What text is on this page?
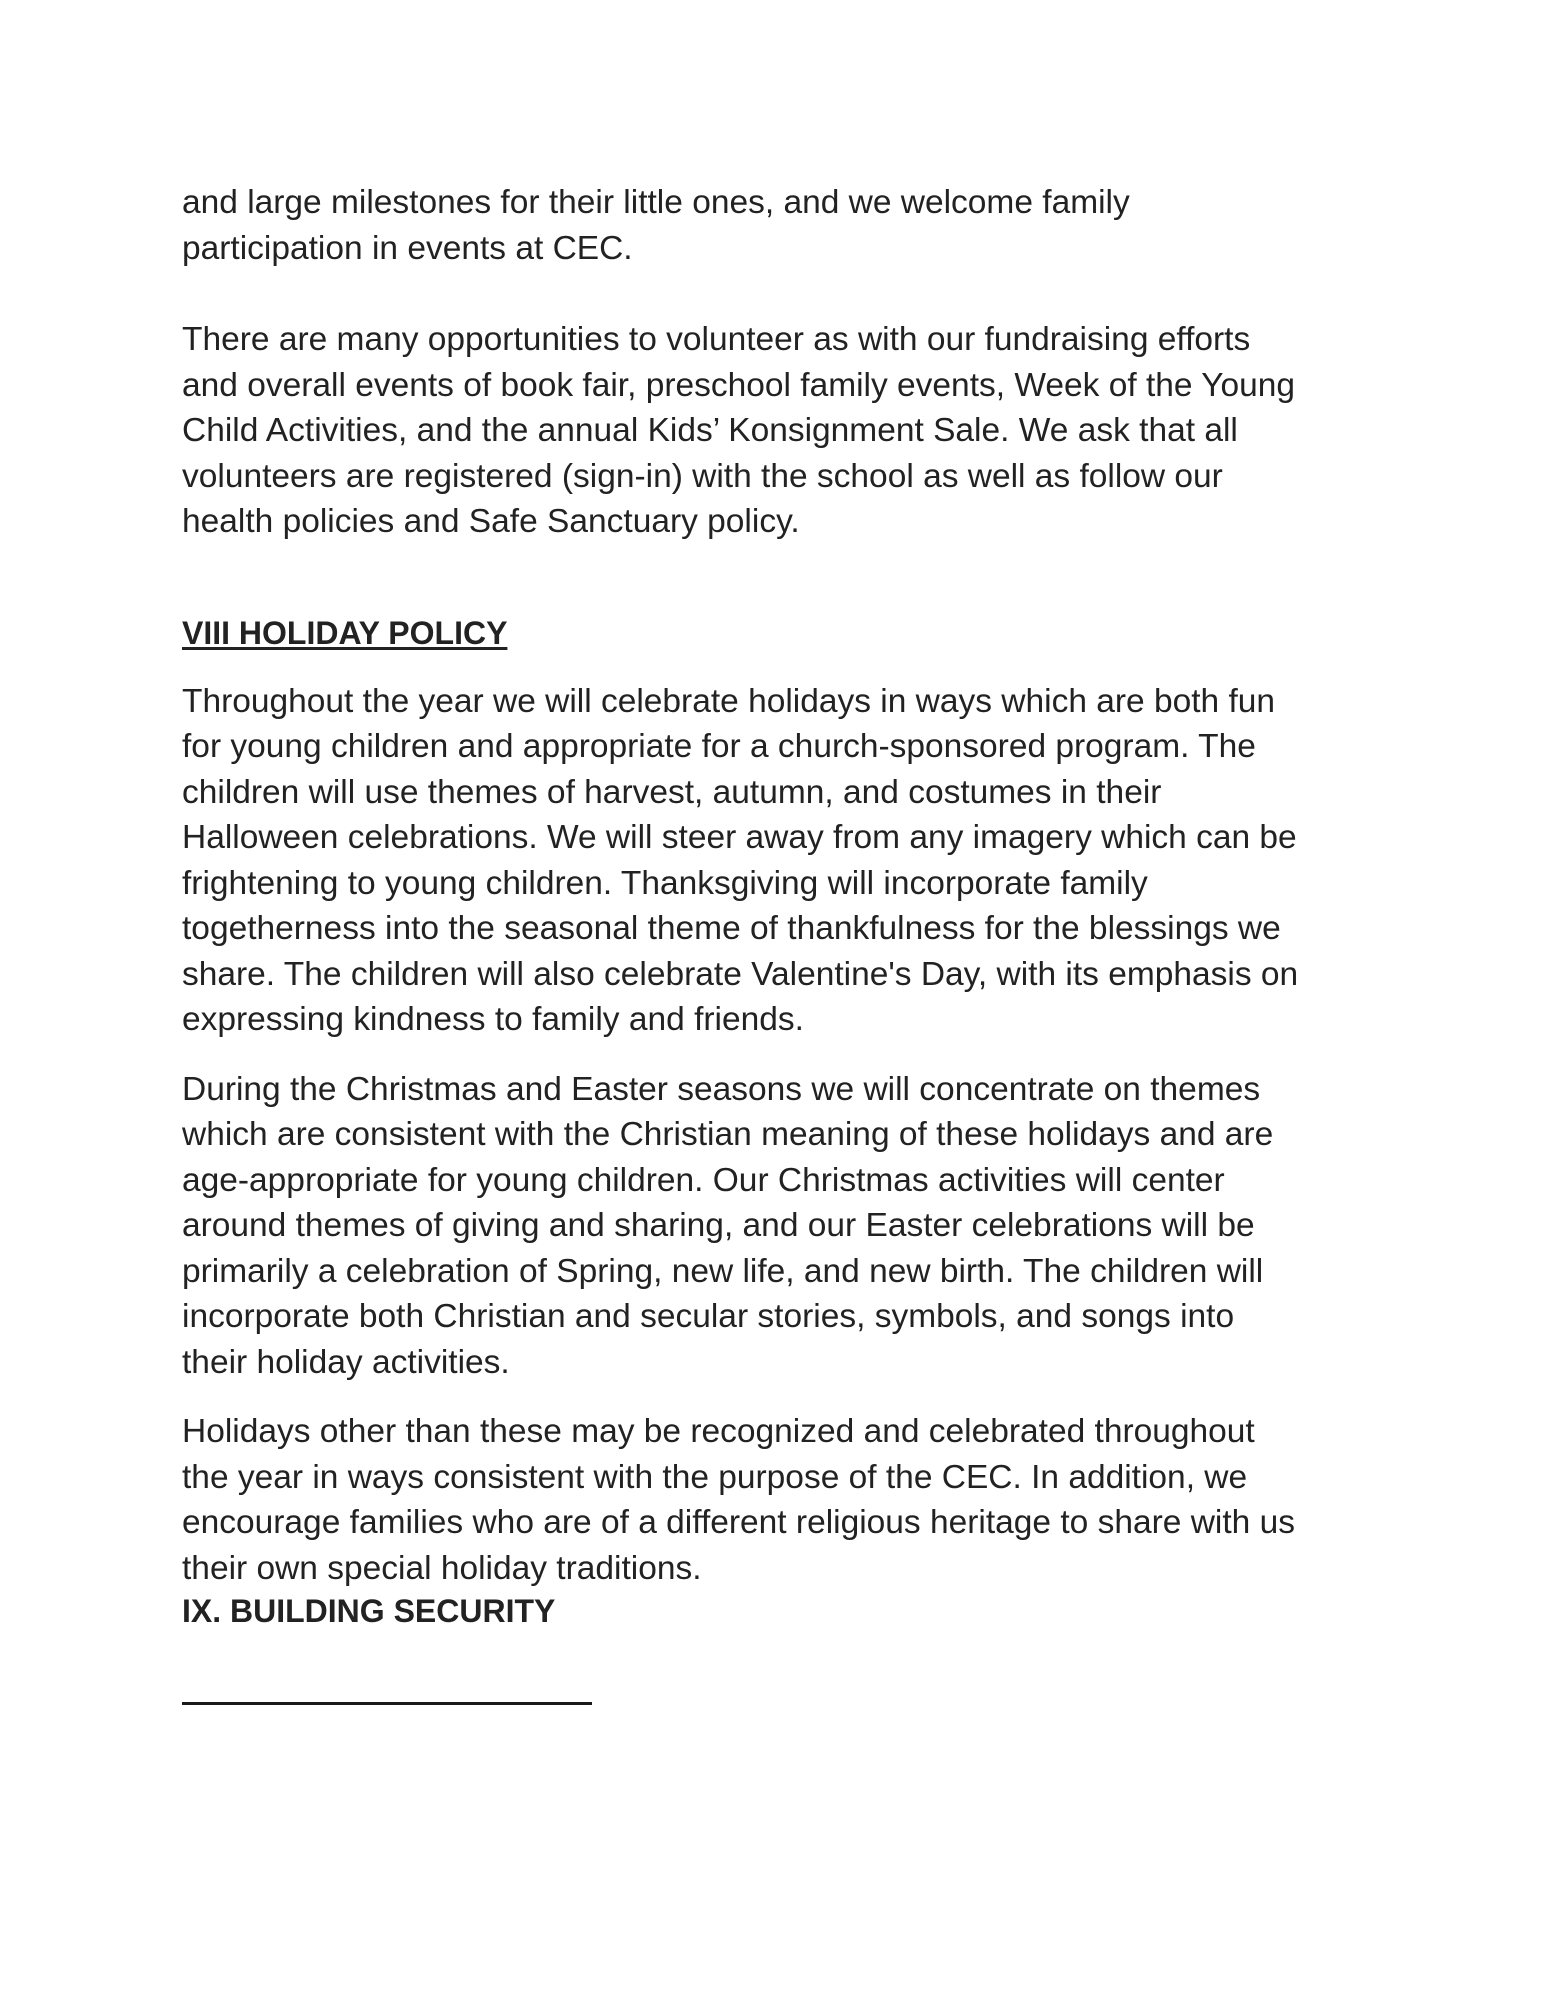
and large milestones for their little ones, and we welcome family
participation in events at CEC.

There are many opportunities to volunteer as with our fundraising efforts
and overall events of book fair, preschool family events, Week of the Young
Child Activities, and the annual Kids’ Konsignment Sale. We ask that all
volunteers are registered (sign-in) with the school as well as follow our
health policies and Safe Sanctuary policy.

VIII HOLIDAY POLICY

Throughout the year we will celebrate holidays in ways which are both fun
for young children and appropriate for a church-sponsored program. The
children will use themes of harvest, autumn, and costumes in their
Halloween celebrations. We will steer away from any imagery which can be
frightening to young children. Thanksgiving will incorporate family
togetherness into the seasonal theme of thankfulness for the blessings we
share. The children will also celebrate Valentine's Day, with its emphasis on
expressing kindness to family and friends.

During the Christmas and Easter seasons we will concentrate on themes
which are consistent with the Christian meaning of these holidays and are
age-appropriate for young children. Our Christmas activities will center
around themes of giving and sharing, and our Easter celebrations will be
primarily a celebration of Spring, new life, and new birth. The children will
incorporate both Christian and secular stories, symbols, and songs into
their holiday activities.

Holidays other than these may be recognized and celebrated throughout
the year in ways consistent with the purpose of the CEC. In addition, we
encourage families who are of a different religious heritage to share with us
their own special holiday traditions.

IX. BUILDING SECURITY
